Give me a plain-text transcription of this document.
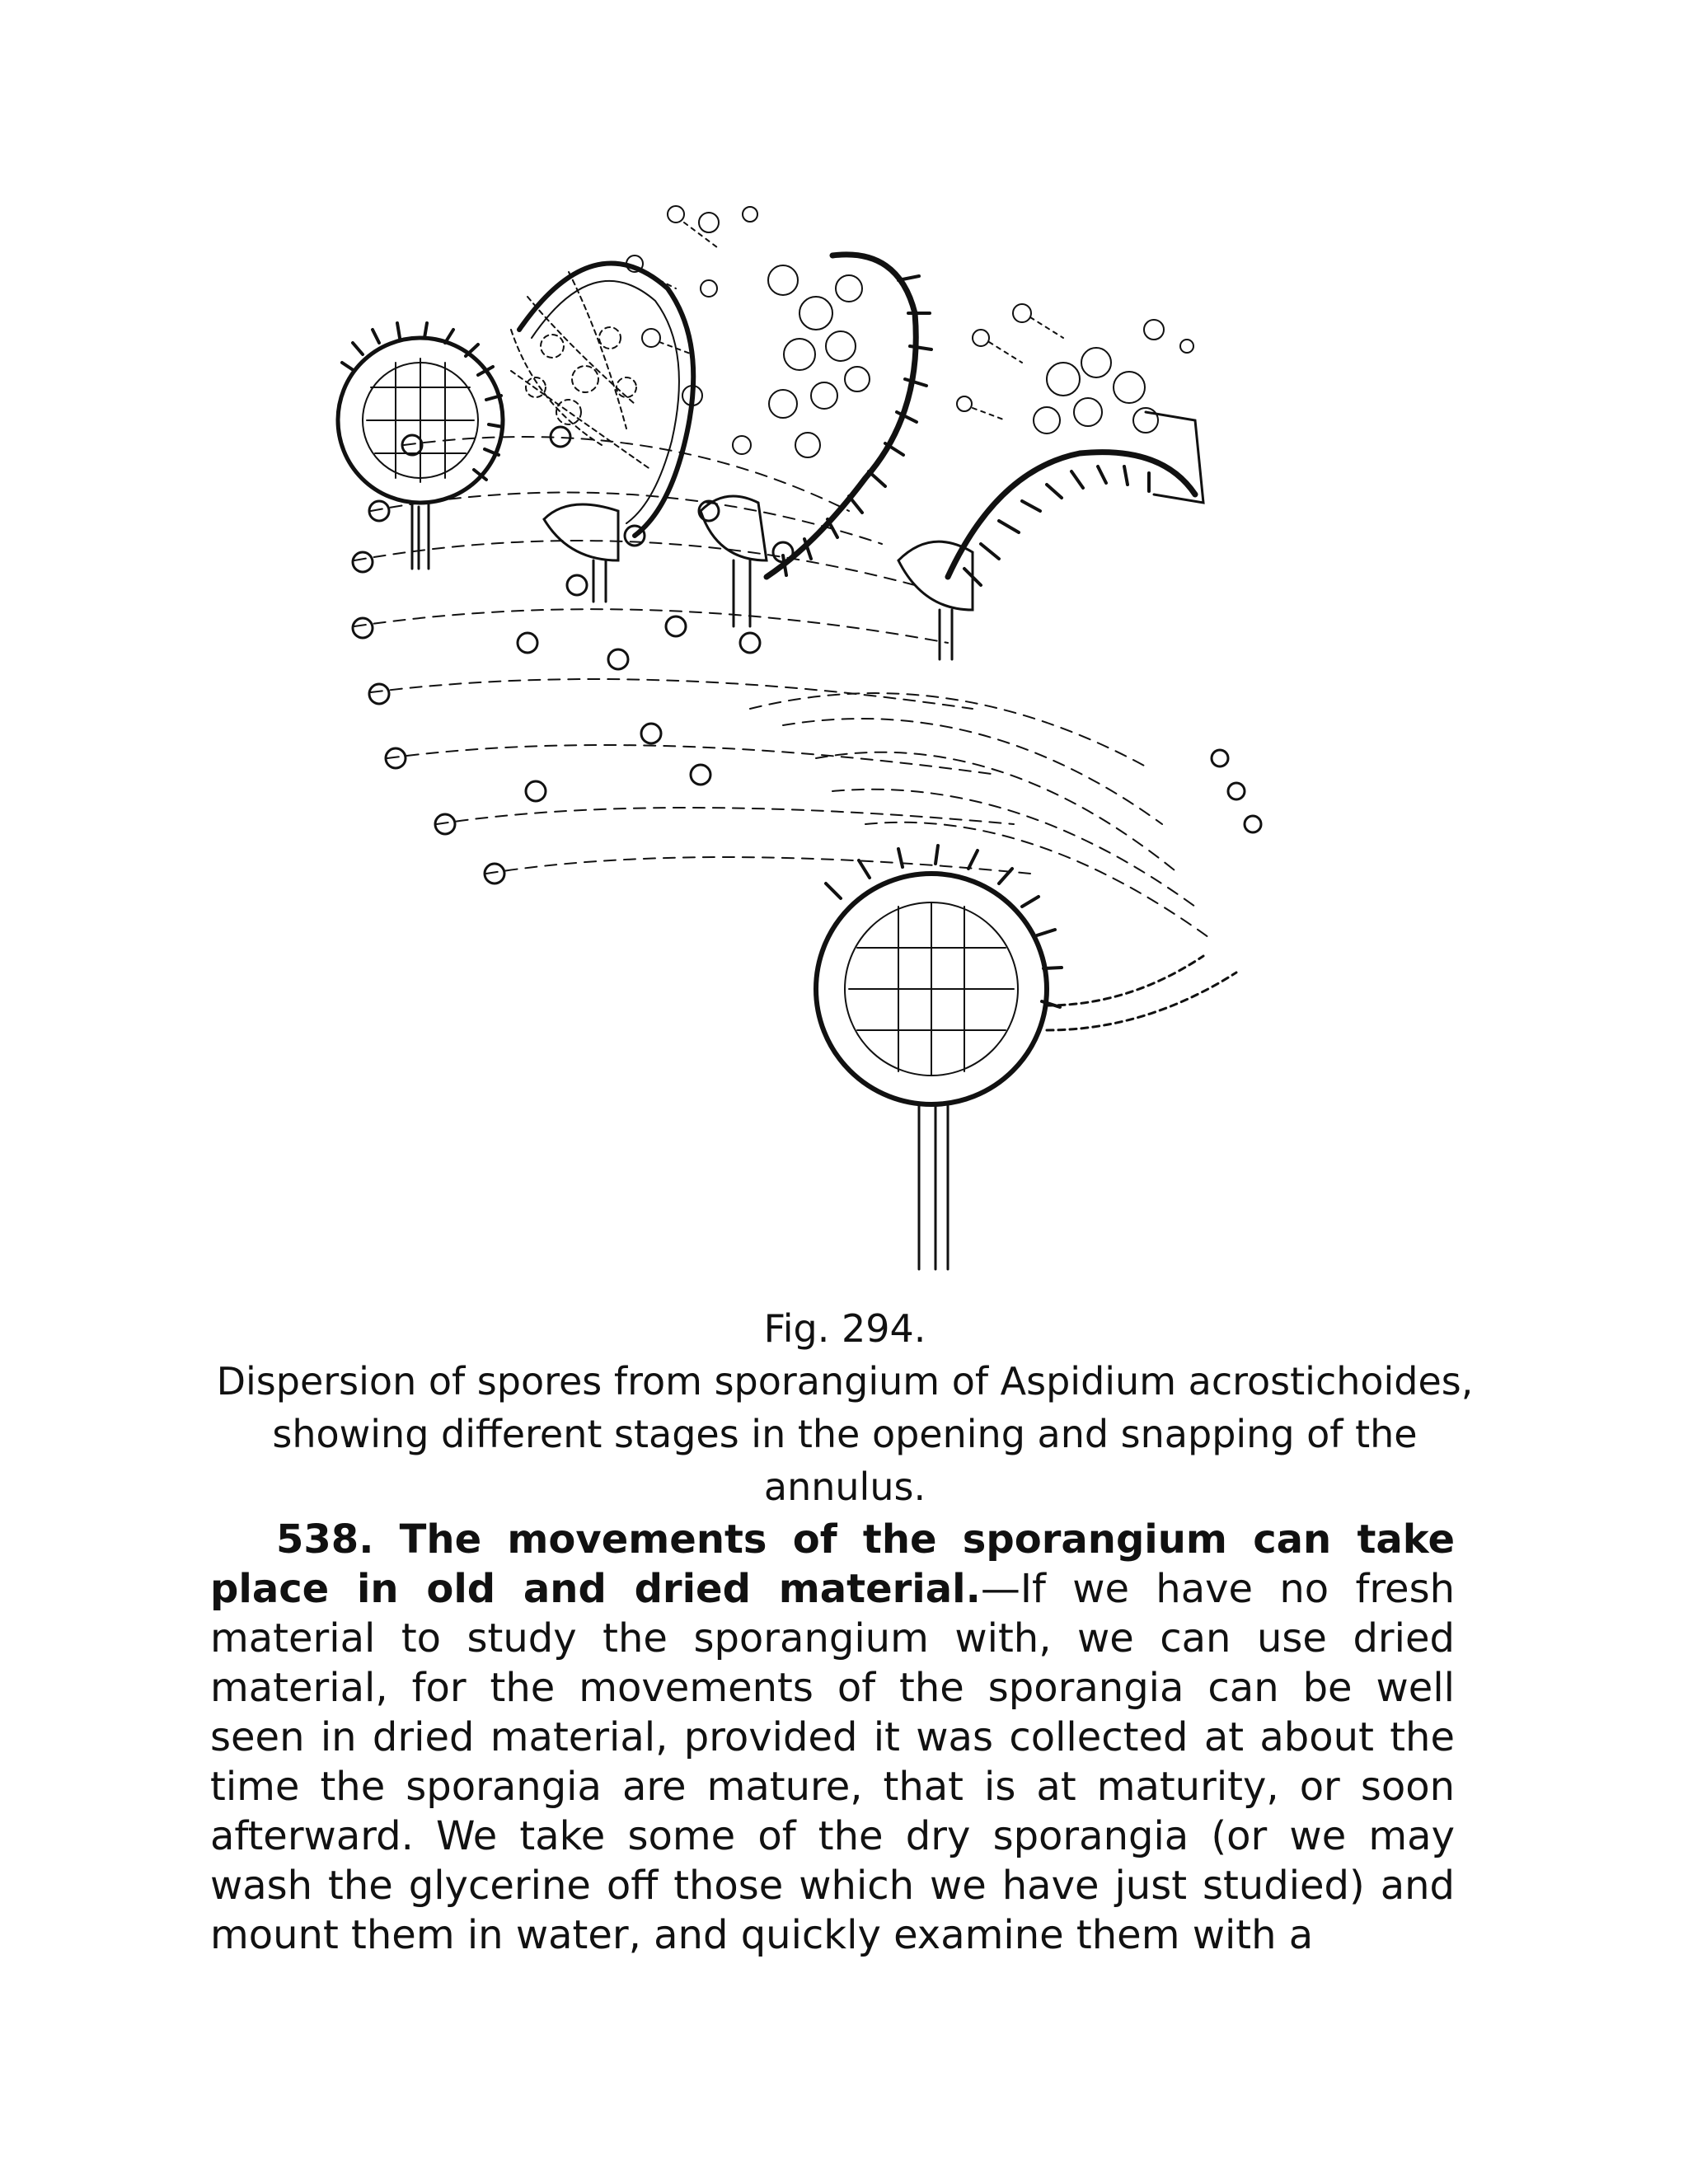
Fig. 294.
Dispersion of spores from sporangium of Aspidium acrostichoides,
showing different stages in the opening and snapping of the
annulus.

538. The movements of the sporangium can take place in old and dried material.—If we have no fresh material to study the sporangium with, we can use dried material, for the movements of the sporangia can be well seen in dried material, provided it was collected at about the time the sporangia are mature, that is at maturity, or soon afterward. We take some of the dry sporangia (or we may wash the glycerine off those which we have just studied) and mount them in water, and quickly examine them with a
